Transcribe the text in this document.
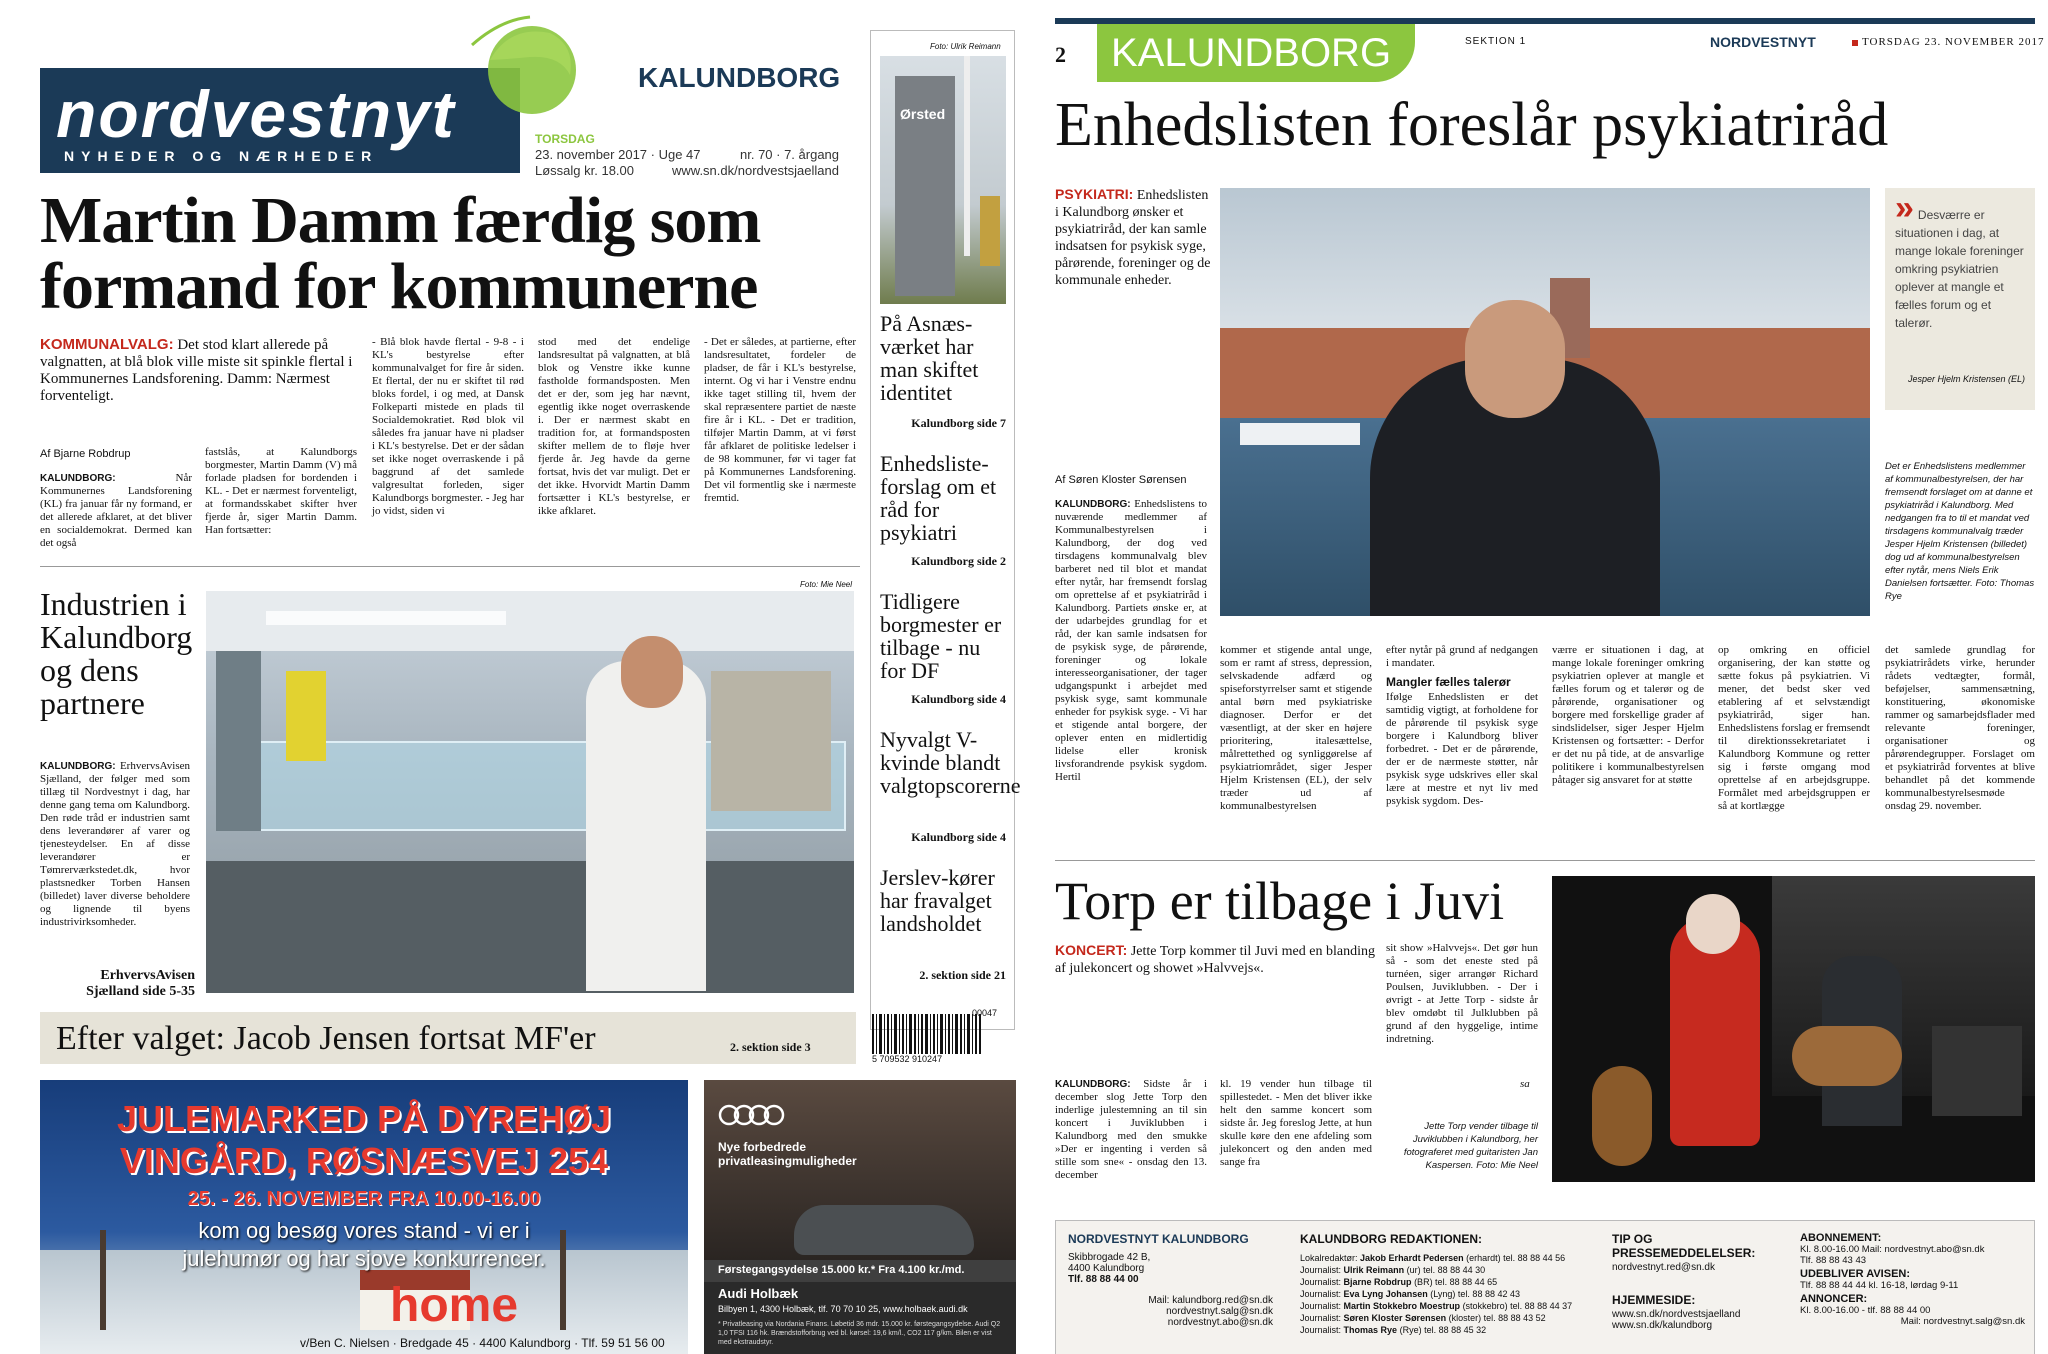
nordvestnyt
NYHEDER OG NÆRHEDER
KALUNDBORG
TORSDAG
23. november 2017 · Uge 47	nr. 70 · 7. årgang
Løssalg kr. 18.00	www.sn.dk/nordvestsjaelland
Martin Damm færdig som formand for kommunerne
KOMMUNALVALG: Det stod klart allerede på valgnatten, at blå blok ville miste sit spinkle flertal i Kommunernes Landsforening. Damm: Nærmest forventeligt.
Af Bjarne Robdrup
KALUNDBORG:	Når Kommunernes Landsforening (KL) fra januar får ny formand, er det allerede afklaret, at det bliver en socialdemokrat. Dermed kan det også
fastslås, at Kalundborgs borgmester, Martin Damm (V) må forlade pladsen for bordenden i KL. - Det er nærmest forventeligt, at formandsskabet skifter hver fjerde år, siger Martin Damm. Han fortsætter:
- Blå blok havde flertal - 9-8 - i KL's bestyrelse efter kommunalvalget for fire år siden. Et flertal, der nu er skiftet til rød bloks fordel, i og med, at Dansk Folkeparti mistede en plads til Socialdemokratiet. Rød blok vil således fra januar have ni pladser i KL's bestyrelse. Det er der sådan set ikke noget overraskende i på baggrund af det samlede valgresultat forleden, siger Kalundborgs borgmester. - Jeg har jo vidst, siden vi
stod med det endelige landsresultat på valgnatten, at blå blok og Venstre ikke kunne fastholde formandsposten. Men det er der, som jeg har nævnt, egentlig ikke noget overraskende i. Der er nærmest skabt en tradition for, at formandsposten skifter mellem de to fløje hver fjerde år. Jeg havde da gerne fortsat, hvis det var muligt. Det er det ikke. Hvorvidt Martin Damm fortsætter i KL's bestyrelse, er ikke afklaret.
- Det er således, at partierne, efter landsresultatet, fordeler de pladser, de får i KL's bestyrelse, internt. Og vi har i Venstre endnu ikke taget stilling til, hvem der skal repræsentere partiet de næste fire år i KL. - Det er tradition, tilføjer Martin Damm, at vi først får afklaret de politiske ledelser i de 98 kommuner, før vi tager fat på Kommunernes Landsforening. Det vil formentlig ske i nærmeste fremtid.
Industrien i Kalundborg og dens partnere
KALUNDBORG: ErhvervsAvisen Sjælland, der følger med som tillæg til Nordvestnyt i dag, har denne gang tema om Kalundborg. Den røde tråd er industrien samt dens leverandører af varer og tjenesteydelser. En af disse leverandører er Tømrerværkstedet.dk, hvor plastsnedker Torben Hansen (billedet) laver diverse beholdere og lignende til byens industrivirksomheder.
ErhvervsAvisen Sjælland side 5-35
Foto: Mie Neel
Foto: Ulrik Reimann
Ørsted
På Asnæs-værket har man skiftet identitet
Kalundborg side 7
Enhedsliste-forslag om et råd for psykiatri
Kalundborg side 2
Tidligere borgmester er tilbage - nu for DF
Kalundborg side 4
Nyvalgt V-kvinde blandt valgtopscorerne
Kalundborg side 4
Jerslev-kører har fravalget landsholdet
2. sektion side 21
Efter valget: Jacob Jensen fortsat MF'er	2. sektion side 3
00047
5 709532 910247
JULEMARKED PÅ DYREHØJ
VINGÅRD, RØSNÆSVEJ 254
25. - 26. NOVEMBER FRA 10.00-16.00
kom og besøg vores stand - vi er i
julehumør og har sjove konkurrencer.
home
v/Ben C. Nielsen · Bredgade 45 · 4400 Kalundborg · Tlf. 59 51 56 00
Nye forbedrede
privatleasingmuligheder
Førstegangsydelse 15.000 kr.* Fra 4.100 kr./md.
Audi Holbæk
Bilbyen 1, 4300 Holbæk, tlf. 70 70 10 25, www.holbaek.audi.dk
* Privatleasing via Nordania Finans. Løbetid 36 mdr. 15.000 kr. førstegangsydelse. Audi Q2 1,0 TFSI 116 hk. Brændstofforbrug ved bl. kørsel: 19,6 km/l., CO2 117 g/km. Bilen er vist med ekstraudstyr.
2	KALUNDBORG	SEKTION 1	NORDVESTNYT	TORSDAG 23. NOVEMBER 2017
Enhedslisten foreslår psykiatriråd
PSYKIATRI: Enhedslisten i Kalundborg ønsker et psykiatriråd, der kan samle indsatsen for psykisk syge, pårørende, foreninger og de kommunale enheder.
» Desværre er situationen i dag, at mange lokale foreninger omkring psykiatrien oplever at mangle et fælles forum og et talerør.
Jesper Hjelm Kristensen (EL)
Det er Enhedslistens medlemmer af kommunalbestyrelsen, der har fremsendt forslaget om at danne et psykiatriråd i Kalundborg. Med nedgangen fra to til et mandat ved tirsdagens kommunalvalg træder Jesper Hjelm Kristensen (billedet) dog ud af kommunalbestyrelsen efter nytår, mens Niels Erik Danielsen fortsætter. Foto: Thomas Rye
Af Søren Kloster Sørensen
KALUNDBORG: Enhedslistens to nuværende medlemmer af Kommunalbestyrelsen i Kalundborg, der dog ved tirsdagens kommunalvalg blev barberet ned til blot et mandat efter nytår, har fremsendt forslag om oprettelse af et psykiatriråd i Kalundborg. Partiets ønske er, at der udarbejdes grundlag for et råd, der kan samle indsatsen for de psykisk syge, de pårørende, foreninger og lokale interesseorganisationer, der tager udgangspunkt i arbejdet med psykisk syge, samt kommunale enheder for psykisk syge. - Vi har et stigende antal borgere, der oplever enten en midlertidig lidelse eller kronisk livsforandrende psykisk sygdom. Hertil
kommer et stigende antal unge, som er ramt af stress, depression, selvskadende adfærd og spiseforstyrrelser samt et stigende antal børn med psykiatriske diagnoser. Derfor er det væsentligt, at der sker en højere prioritering, italesættelse, målrettethed og synliggørelse af psykiatriområdet, siger Jesper Hjelm Kristensen (EL), der selv træder ud af kommunalbestyrelsen
efter nytår på grund af nedgangen i mandater.
Mangler fælles talerør
Ifølge Enhedslisten er det samtidig vigtigt, at forholdene for de pårørende til psykisk syge borgere i Kalundborg bliver forbedret. - Det er de pårørende, der er de nærmeste støtter, når psykisk syge udskrives eller skal lære at mestre et nyt liv med psykisk sygdom. Des-
værre er situationen i dag, at mange lokale foreninger omkring psykiatrien oplever at mangle et fælles forum og et talerør og de pårørende, organisationer og borgere med forskellige grader af sindslidelser, siger Jesper Hjelm Kristensen og fortsætter: - Derfor er det nu på tide, at de ansvarlige politikere i kommunalbestyrelsen påtager sig ansvaret for at støtte
op omkring en officiel organisering, der kan støtte og sætte fokus på psykiatrien. Vi mener, det bedst sker ved etablering af et selvstændigt psykiatriråd, siger han. Enhedslistens forslag er fremsendt til direktionssekretariatet i Kalundborg Kommune og retter sig i første omgang mod oprettelse af en arbejdsgruppe. Formålet med arbejdsgruppen er så at kortlægge
det samlede grundlag for psykiatrirådets virke, herunder rådets vedtægter, formål, beføjelser, sammensætning, konstituering, økonomiske rammer og samarbejdsflader med relevante foreninger, organisationer og pårørendegrupper. Forslaget om et psykiatriråd forventes at blive behandlet på det kommende kommunalbestyrelsesmøde onsdag 29. november.
Torp er tilbage i Juvi
KONCERT: Jette Torp kommer til Juvi med en blanding af julekoncert og showet »Halvvejs«.
KALUNDBORG: Sidste år i december slog Jette Torp den inderlige julestemning an til sin koncert i Juviklubben i Kalundborg med den smukke »Der er ingenting i verden så stille som sne« - onsdag den 13. december
kl. 19 vender hun tilbage til spillestedet. - Men det bliver ikke helt den samme koncert som sidste år. Jeg foreslog Jette, at hun skulle køre den ene afdeling som julekoncert og den anden med sange fra
sit show »Halvvejs«. Det gør hun så - som det eneste sted på turnéen, siger arrangør Richard Poulsen, Juviklubben. - Der i øvrigt - at Jette Torp - sidste år blev omdøbt til Julklubben på grund af den hyggelige, intime indretning.
sa
Jette Torp vender tilbage til Juviklubben i Kalundborg, her fotograferet med guitaristen Jan Kaspersen. Foto: Mie Neel
NORDVESTNYT KALUNDBORG
Skibbrogade 42 B,
4400 Kalundborg
Tlf. 88 88 44 00
Mail: kalundborg.red@sn.dk
nordvestnyt.salg@sn.dk
nordvestnyt.abo@sn.dk
KALUNDBORG REDAKTIONEN:
Lokalredaktør: Jakob Erhardt Pedersen (erhardt) tel. 88 88 44 56
Journalist: Ulrik Reimann (ur) tel. 88 88 44 30
Journalist: Bjarne Robdrup (BR) tel. 88 88 44 65
Journalist: Eva Lyng Johansen (Lyng) tel. 88 88 42 43
Journalist: Martin Stokkebro Moestrup (stokkebro) tel. 88 88 44 37
Journalist: Søren Kloster Sørensen (kloster) tel. 88 88 43 52
Journalist: Thomas Rye (Rye) tel. 88 88 45 32
TIP OG PRESSEMEDDELELSER:
nordvestnyt.red@sn.dk
HJEMMESIDE:
www.sn.dk/nordvestsjaelland
www.sn.dk/kalundborg
ABONNEMENT:
Kl. 8.00-16.00 Mail: nordvestnyt.abo@sn.dk
Tlf. 88 88 43 43
UDEBLIVER AVISEN:
Tlf. 88 88 44 44 kl. 16-18, lørdag 9-11
ANNONCER:
Kl. 8.00-16.00 - tlf. 88 88 44 00
Mail: nordvestnyt.salg@sn.dk
